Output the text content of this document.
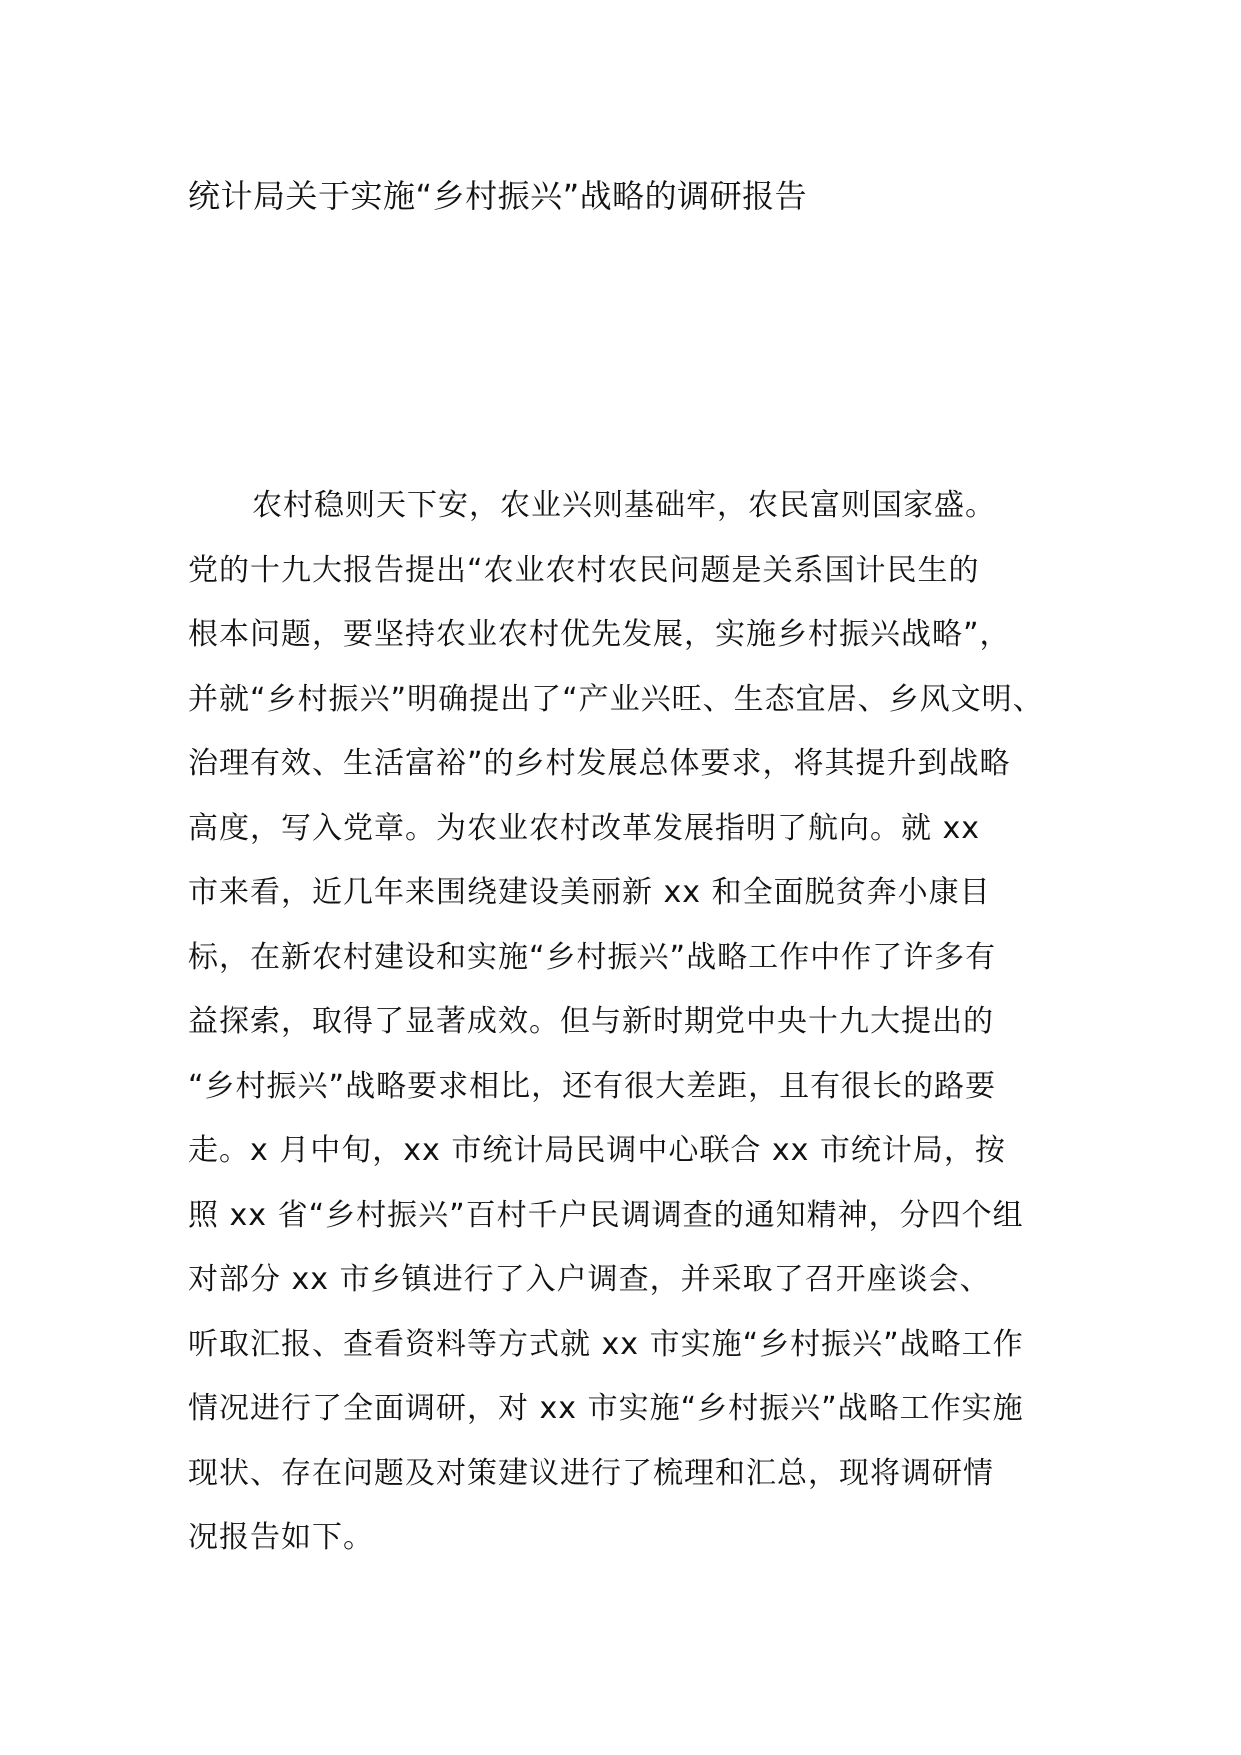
统计局关于实施“乡村振兴”战略的调研报告
农村稳则天下安，农业兴则基础牢，农民富则国家盛。
党的十九大报告提出“农业农村农民问题是关系国计民生的
根本问题，要坚持农业农村优先发展，实施乡村振兴战略”，
并就“乡村振兴”明确提出了“产业兴旺、生态宜居、乡风文明、
治理有效、生活富裕”的乡村发展总体要求，将其提升到战略
高度，写入党章。为农业农村改革发展指明了航向。就 xx
市来看，近几年来围绕建设美丽新 xx 和全面脱贫奔小康目
标，在新农村建设和实施“乡村振兴”战略工作中作了许多有
益探索，取得了显著成效。但与新时期党中央十九大提出的
“乡村振兴”战略要求相比，还有很大差距，且有很长的路要
走。x 月中旬，xx 市统计局民调中心联合 xx 市统计局，按
照 xx 省“乡村振兴”百村千户民调调查的通知精神，分四个组
对部分 xx 市乡镇进行了入户调查，并采取了召开座谈会、
听取汇报、查看资料等方式就 xx 市实施“乡村振兴”战略工作
情况进行了全面调研，对 xx 市实施“乡村振兴”战略工作实施
现状、存在问题及对策建议进行了梳理和汇总，现将调研情
况报告如下。
